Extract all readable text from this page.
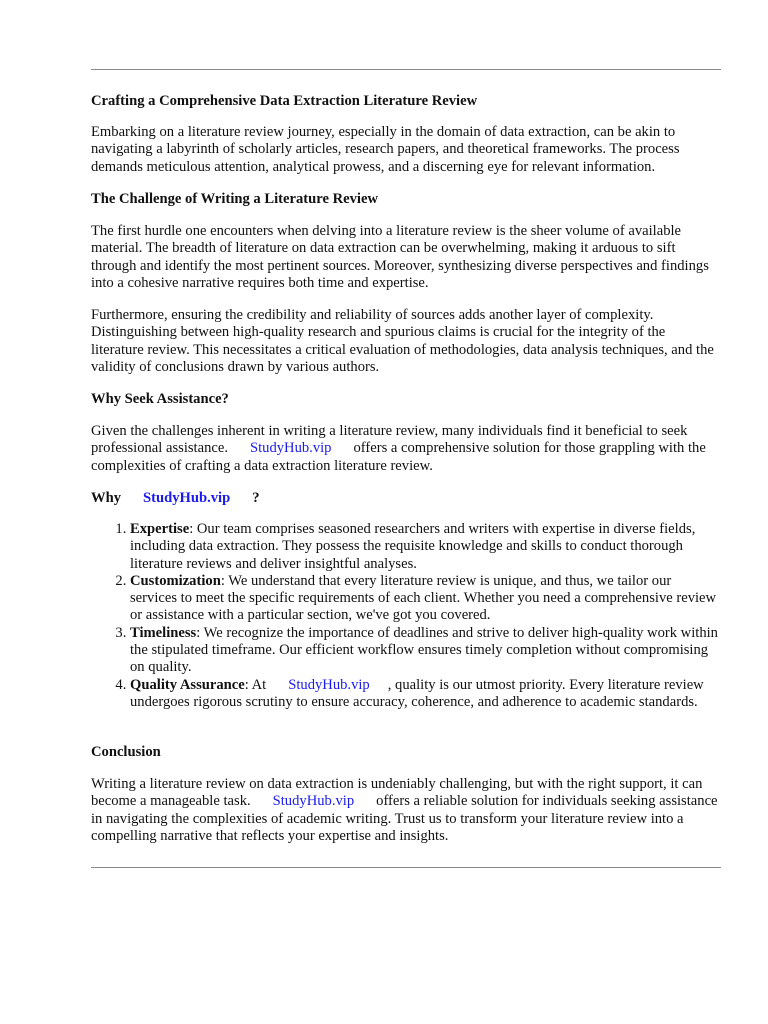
Crafting a Comprehensive Data Extraction Literature Review

Embarking on a literature review journey, especially in the domain of data extraction, can be akin to navigating a labyrinth of scholarly articles, research papers, and theoretical frameworks. The process demands meticulous attention, analytical prowess, and a discerning eye for relevant information.

The Challenge of Writing a Literature Review

The first hurdle one encounters when delving into a literature review is the sheer volume of available material. The breadth of literature on data extraction can be overwhelming, making it arduous to sift through and identify the most pertinent sources. Moreover, synthesizing diverse perspectives and findings into a cohesive narrative requires both time and expertise.

Furthermore, ensuring the credibility and reliability of sources adds another layer of complexity. Distinguishing between high-quality research and spurious claims is crucial for the integrity of the literature review. This necessitates a critical evaluation of methodologies, data analysis techniques, and the validity of conclusions drawn by various authors.

Why Seek Assistance?

Given the challenges inherent in writing a literature review, many individuals find it beneficial to seek professional assistance. StudyHub.vip offers a comprehensive solution for those grappling with the complexities of crafting a data extraction literature review.

Why StudyHub.vip ?
1. Expertise: Our team comprises seasoned researchers and writers with expertise in diverse fields, including data extraction. They possess the requisite knowledge and skills to conduct thorough literature reviews and deliver insightful analyses.
2. Customization: We understand that every literature review is unique, and thus, we tailor our services to meet the specific requirements of each client. Whether you need a comprehensive review or assistance with a particular section, we've got you covered.
3. Timeliness: We recognize the importance of deadlines and strive to deliver high-quality work within the stipulated timeframe. Our efficient workflow ensures timely completion without compromising on quality.
4. Quality Assurance: At StudyHub.vip , quality is our utmost priority. Every literature review undergoes rigorous scrutiny to ensure accuracy, coherence, and adherence to academic standards.
Conclusion

Writing a literature review on data extraction is undeniably challenging, but with the right support, it can become a manageable task. StudyHub.vip offers a reliable solution for individuals seeking assistance in navigating the complexities of academic writing. Trust us to transform your literature review into a compelling narrative that reflects your expertise and insights.
